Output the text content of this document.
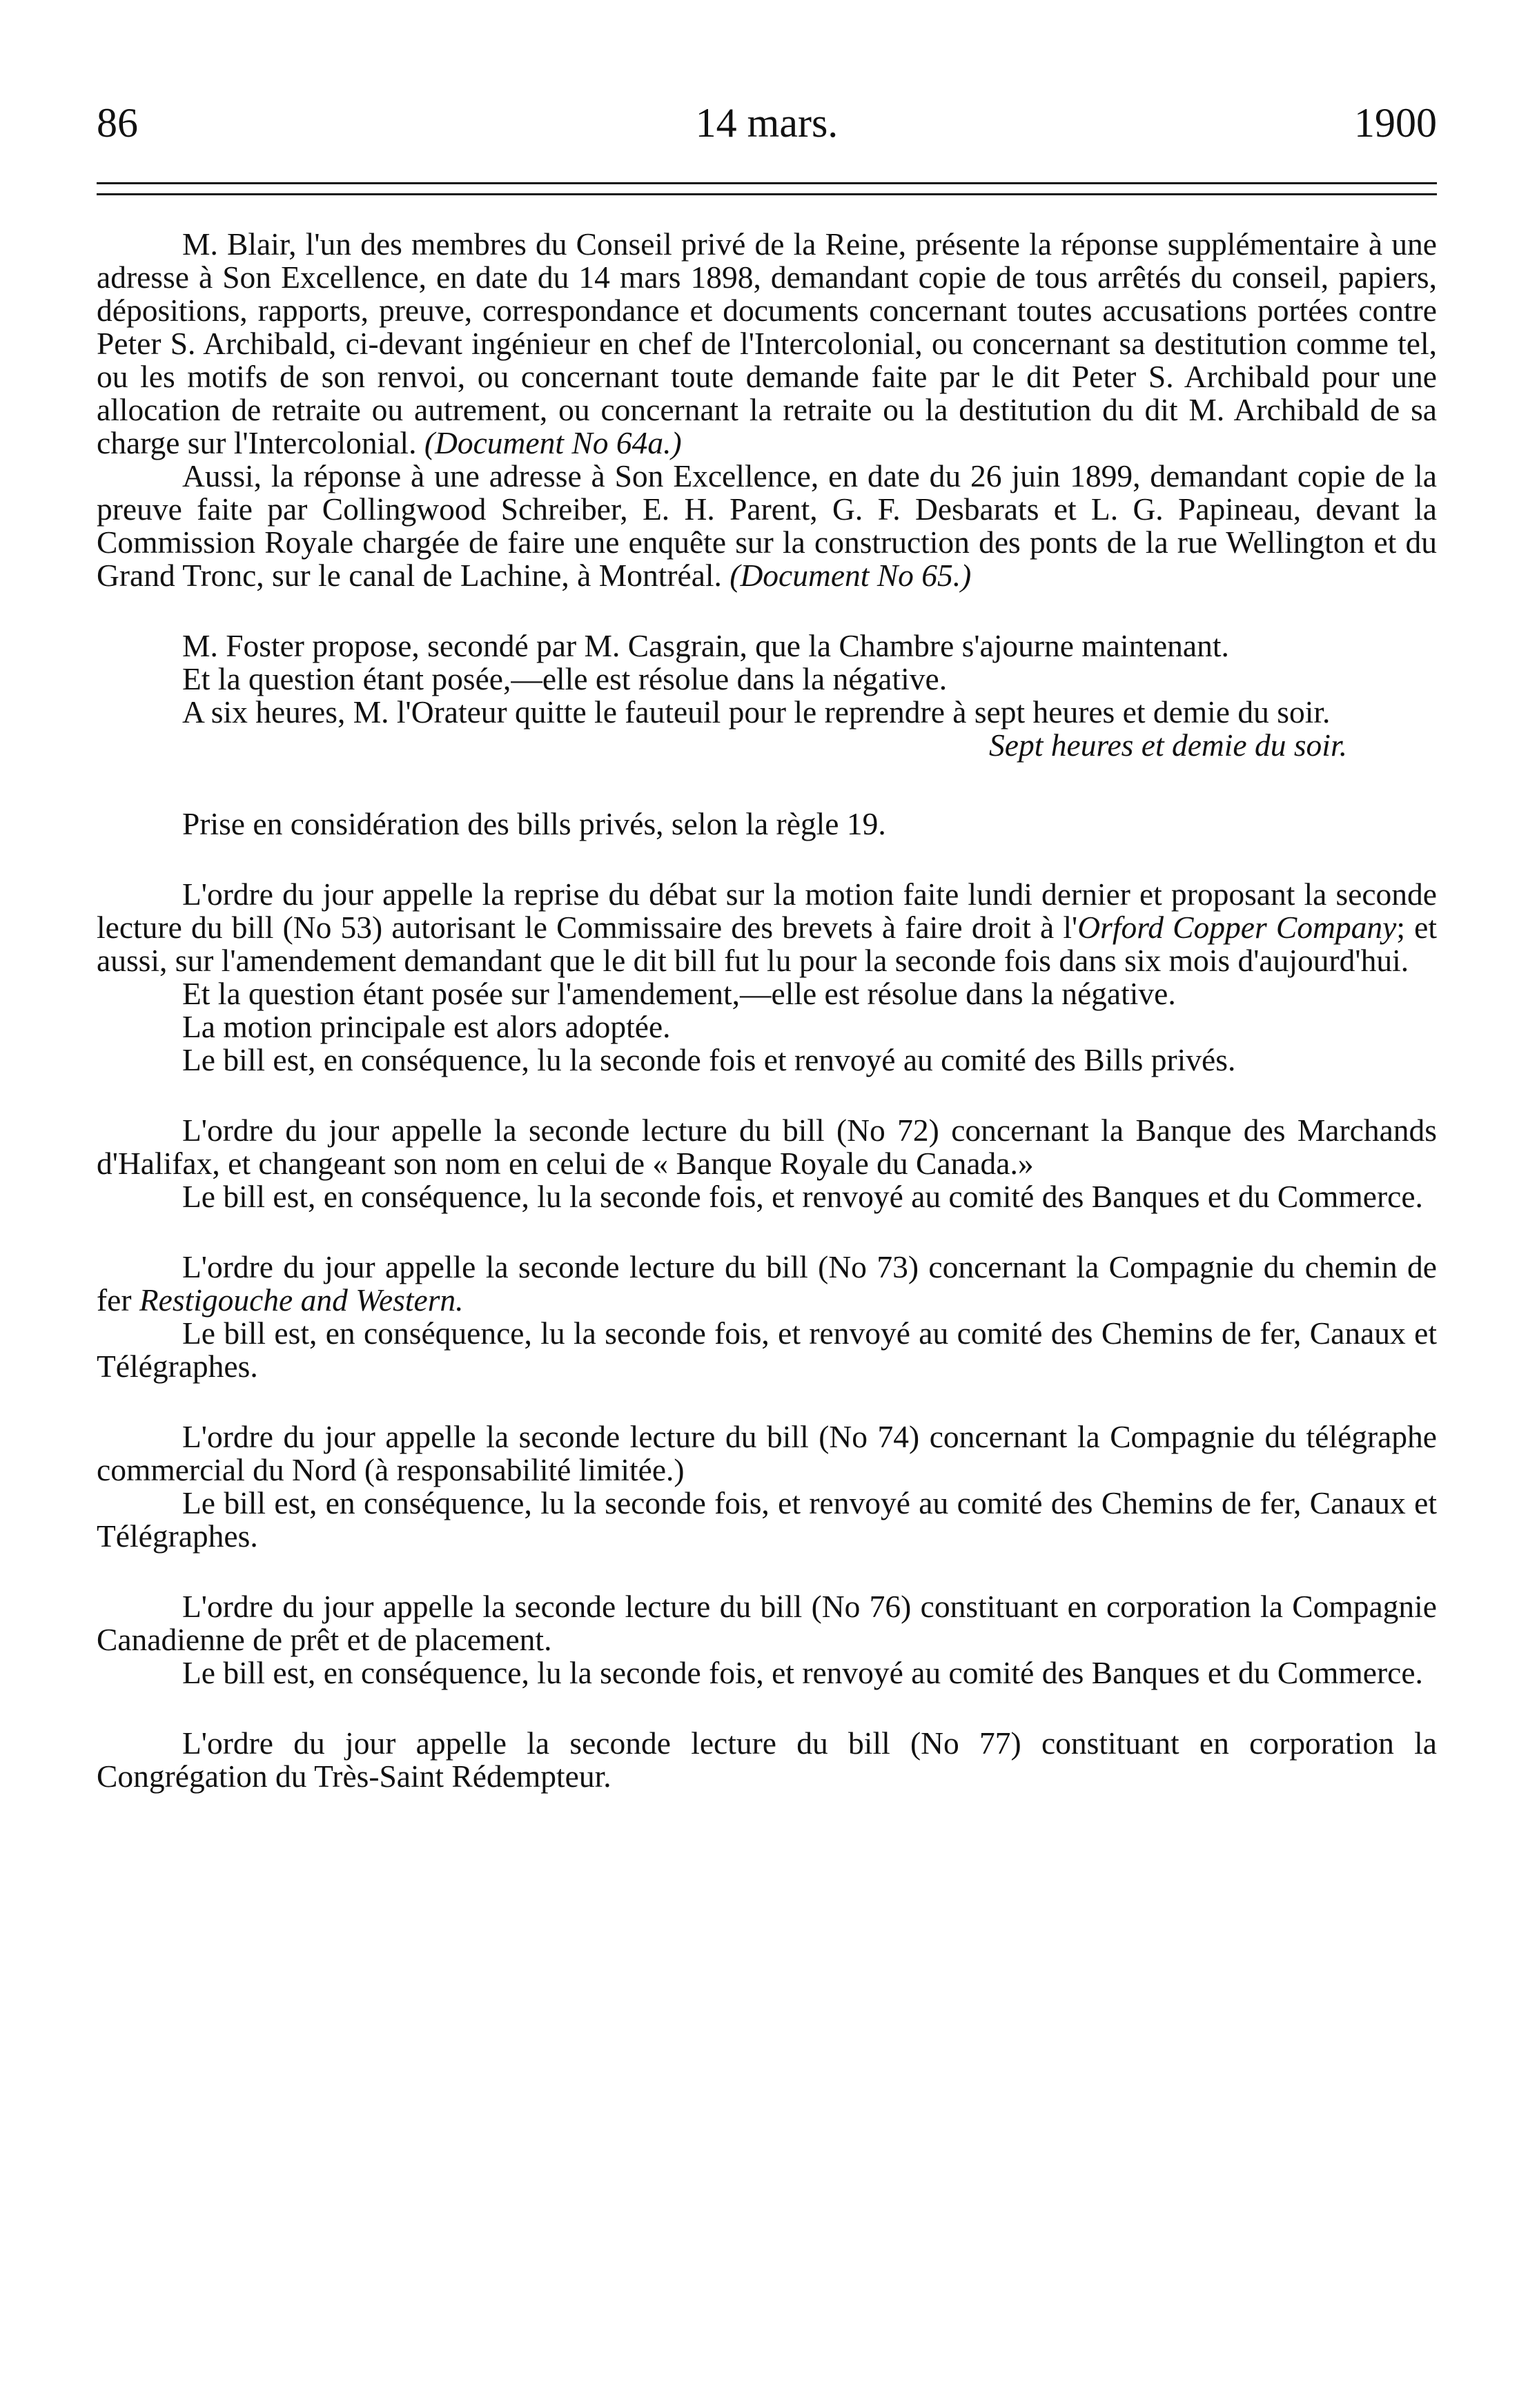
86	14 mars.	1900

M. Blair, l'un des membres du Conseil privé de la Reine, présente la réponse supplémentaire à une adresse à Son Excellence, en date du 14 mars 1898, demandant copie de tous arrêtés du conseil, papiers, dépositions, rapports, preuve, correspondance et documents concernant toutes accusations portées contre Peter S. Archibald, ci-devant ingénieur en chef de l'Intercolonial, ou concernant sa destitution comme tel, ou les motifs de son renvoi, ou concernant toute demande faite par le dit Peter S. Archibald pour une allocation de retraite ou autrement, ou concernant la retraite ou la destitution du dit M. Archibald de sa charge sur l'Intercolonial. (Document No 64a.)

Aussi, la réponse à une adresse à Son Excellence, en date du 26 juin 1899, demandant copie de la preuve faite par Collingwood Schreiber, E. H. Parent, G. F. Desbarats et L. G. Papineau, devant la Commission Royale chargée de faire une enquête sur la construction des ponts de la rue Wellington et du Grand Tronc, sur le canal de Lachine, à Montréal. (Document No 65.)

M. Foster propose, secondé par M. Casgrain, que la Chambre s'ajourne maintenant.

Et la question étant posée,—elle est résolue dans la négative.

A six heures, M. l'Orateur quitte le fauteuil pour le reprendre à sept heures et demie du soir.

Sept heures et demie du soir.

Prise en considération des bills privés, selon la règle 19.

L'ordre du jour appelle la reprise du débat sur la motion faite lundi dernier et proposant la seconde lecture du bill (No 53) autorisant le Commissaire des brevets à faire droit à l'Orford Copper Company; et aussi, sur l'amendement demandant que le dit bill fut lu pour la seconde fois dans six mois d'aujourd'hui.

Et la question étant posée sur l'amendement,—elle est résolue dans la négative.

La motion principale est alors adoptée.

Le bill est, en conséquence, lu la seconde fois et renvoyé au comité des Bills privés.

L'ordre du jour appelle la seconde lecture du bill (No 72) concernant la Banque des Marchands d'Halifax, et changeant son nom en celui de « Banque Royale du Canada.»

Le bill est, en conséquence, lu la seconde fois, et renvoyé au comité des Banques et du Commerce.

L'ordre du jour appelle la seconde lecture du bill (No 73) concernant la Compagnie du chemin de fer Restigouche and Western.

Le bill est, en conséquence, lu la seconde fois, et renvoyé au comité des Chemins de fer, Canaux et Télégraphes.

L'ordre du jour appelle la seconde lecture du bill (No 74) concernant la Compagnie du télégraphe commercial du Nord (à responsabilité limitée.)

Le bill est, en conséquence, lu la seconde fois, et renvoyé au comité des Chemins de fer, Canaux et Télégraphes.

L'ordre du jour appelle la seconde lecture du bill (No 76) constituant en corporation la Compagnie Canadienne de prêt et de placement.

Le bill est, en conséquence, lu la seconde fois, et renvoyé au comité des Banques et du Commerce.

L'ordre du jour appelle la seconde lecture du bill (No 77) constituant en corporation la Congrégation du Très-Saint Rédempteur.
